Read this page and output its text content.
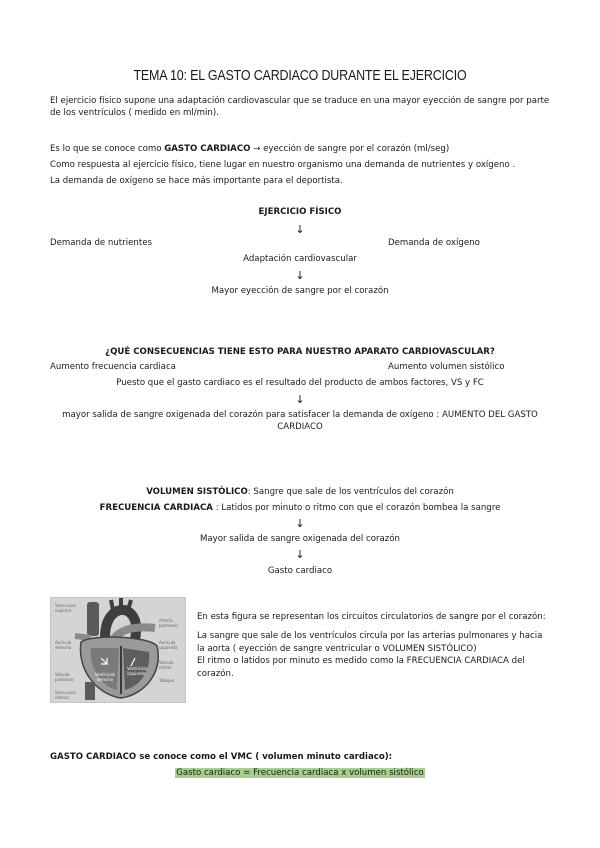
TEMA 10: EL GASTO CARDIACO DURANTE EL EJERCICIO
El ejercicio físico supone una adaptación cardiovascular que se traduce en una mayor eyección de sangre por parte de los ventrículos ( medido en ml/min).
Es lo que se conoce como GASTO CARDIACO → eyección de sangre por el corazón (ml/seg)
Como respuesta al ejercicio físico, tiene lugar en nuestro organismo una demanda de nutrientes y oxígeno .
La demanda de oxígeno se hace más importante para el deportista.
EJERCICIO FÍSICO
↓
Demanda de nutrientes	Demanda de oxígeno
Adaptación cardiovascular
↓
Mayor eyección de sangre por el corazón
¿QUÉ CONSECUENCIAS TIENE ESTO PARA NUESTRO APARATO CARDIOVASCULAR?
Aumento frecuencia cardiaca	Aumento volumen sistólico
Puesto que el gasto cardiaco es el resultado del producto de ambos factores, VS y FC
↓
mayor salida de sangre oxigenada del corazón para satisfacer la demanda de oxígeno : AUMENTO DEL GASTO CARDIACO
VOLUMEN SISTÓLICO: Sangre que sale de los ventrículos del corazón
FRECUENCIA CARDIACA : Latidos por minuto o ritmo con que el corazón bombea la sangre
↓
Mayor salida de sangre oxigenada del corazón
↓
Gasto cardiaco
Vena cava
superior
Arteria
pulmonar
Aurícula
izquierda
Válvula
mitral
Aurícula
derecha
Válvula
pulmonar	Tabique
Vena cava
inferior
Ventrículo
derecho
Ventrículo
izquierdo
En esta figura se representan los circuitos circulatorios de sangre por el corazón:
La sangre que sale de los ventrículos circula por las arterias pulmonares y hacia la aorta ( eyección de sangre ventricular o VOLUMEN SISTÓLICO)
El ritmo o latidos por minuto es medido como la FRECUENCIA CARDIACA del corazón.
GASTO CARDIACO se conoce como el VMC ( volumen minuto cardiaco):
Gasto cardiaco = Frecuencia cardiaca x volumen sistólico
